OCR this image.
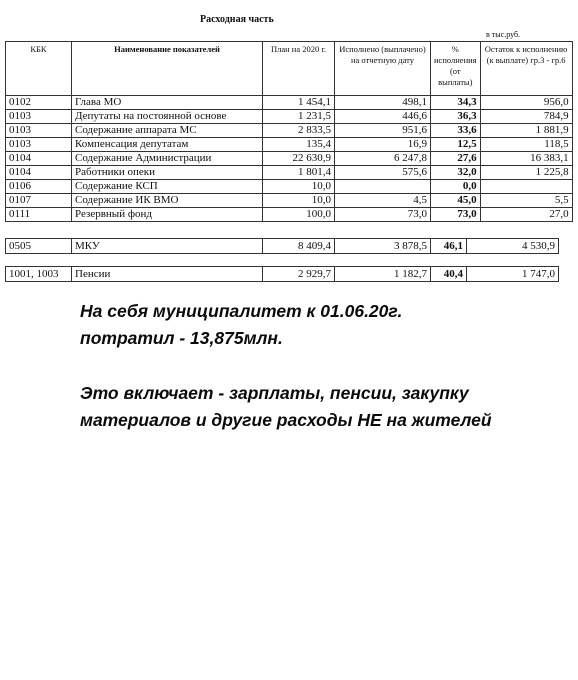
Расходная часть
в тыс.руб.
КБК	Наименование показателей	План на 2020 г.	Исполнено (выплачено) на отчетную дату	% исполнения (от выплаты)	Остаток к исполнению (к выплате) гр.3 - гр.6
0102	Глава МО	1 454,1	498,1	34,3	956,0
0103	Депутаты на постоянной основе	1 231,5	446,6	36,3	784,9
0103	Содержание аппарата МС	2 833,5	951,6	33,6	1 881,9
0103	Компенсация депутатам	135,4	16,9	12,5	118,5
0104	Содержание Администрации	22 630,9	6 247,8	27,6	16 383,1
0104	Работники опеки	1 801,4	575,6	32,0	1 225,8
0106	Содержание КСП	10,0		0,0	
0107	Содержание ИК ВМО	10,0	4,5	45,0	5,5
0111	Резервный фонд	100,0	73,0	73,0	27,0
0505	МКУ	8 409,4	3 878,5	46,1	4 530,9
1001, 1003	Пенсии	2 929,7	1 182,7	40,4	1 747,0

На себя муниципалитет к 01.06.20г.
потратил - 13,875млн.

Это включает - зарплаты, пенсии, закупку
материалов и другие расходы НЕ на жителей
